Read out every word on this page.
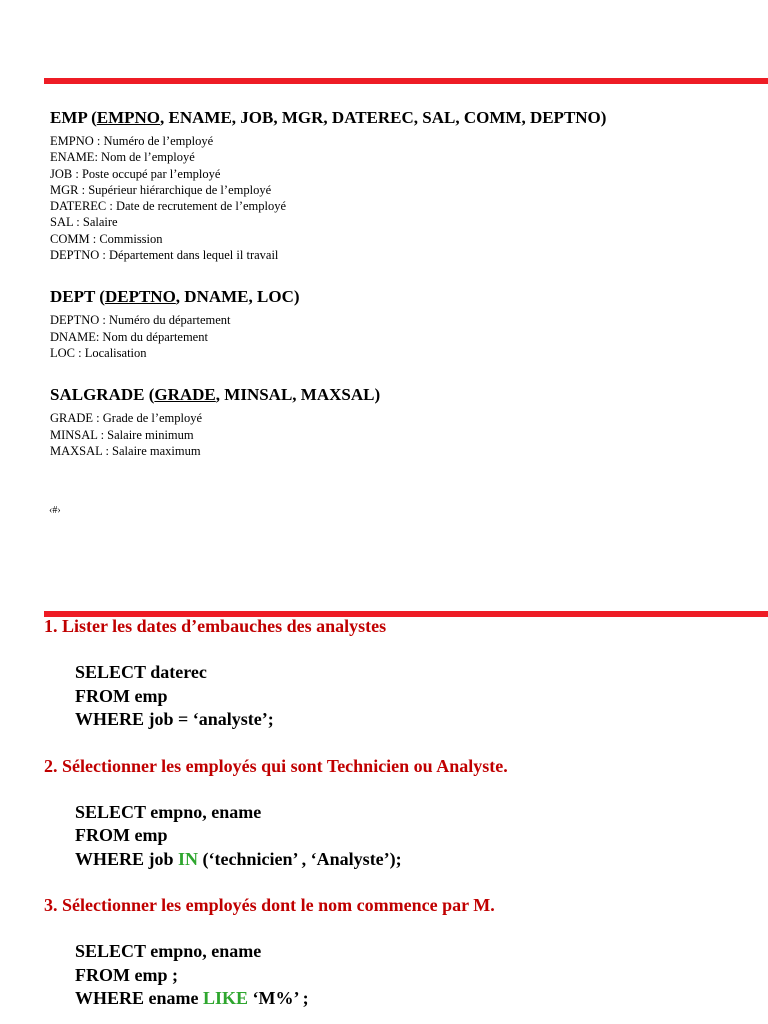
EMP (EMPNO, ENAME, JOB, MGR, DATEREC, SAL, COMM, DEPTNO)

EMPNO : Numéro de l’employé
ENAME: Nom de l’employé
JOB : Poste occupé par l’employé
MGR : Supérieur hiérarchique de l’employé
DATEREC : Date de recrutement de l’employé
SAL : Salaire
COMM : Commission
DEPTNO : Département dans lequel il travail

DEPT (DEPTNO, DNAME, LOC)

DEPTNO : Numéro du département
DNAME: Nom du département
LOC : Localisation

SALGRADE (GRADE, MINSAL, MAXSAL)

GRADE : Grade de l’employé
MINSAL : Salaire minimum
MAXSAL : Salaire maximum
‹#›

1. Lister les dates d’embauches des analystes

SELECT daterec
FROM emp
WHERE job = ‘analyste’;

2. Sélectionner les employés qui sont Technicien ou Analyste.

SELECT empno, ename
FROM emp
WHERE job IN (‘technicien’ , ‘Analyste’);

3. Sélectionner les employés dont le nom commence par M.

SELECT empno, ename
FROM emp ;
WHERE ename LIKE ‘M%’ ;
